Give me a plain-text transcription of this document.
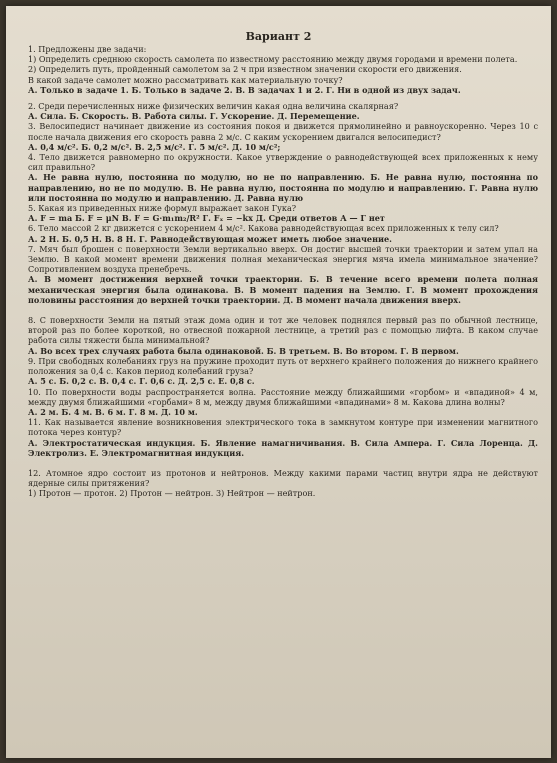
Вариант 2

1. Предложены две задачи:

1) Определить среднюю скорость самолета по известному расстоянию между двумя городами и времени полета.

2) Определить путь, пройденный самолетом за 2 ч при известном значении скорости его движения.

В какой задаче самолет можно рассматривать как материальную точку?

А. Только в задаче 1. Б. Только в задаче 2. В. В задачах 1 и 2. Г. Ни в одной из двух задач.

2. Среди перечисленных ниже физических величин какая одна величина скалярная?

А. Сила. Б. Скорость. В. Работа силы. Г. Ускорение. Д. Перемещение.

3. Велосипедист начинает движение из состояния покоя и движется прямолинейно и равноускоренно. Через 10 с после начала движения его скорость равна 2 м/с. С каким ускорением двигался велосипедист?

А. 0,4 м/с². Б. 0,2 м/с². В. 2,5 м/с². Г. 5 м/с². Д. 10 м/с²;

4. Тело движется равномерно по окружности. Какое утверждение о равнодействующей всех приложенных к нему сил правильно?

А. Не равна нулю, постоянна по модулю, но не по направлению. Б. Не равна нулю, постоянна по направлению, но не по модулю. В. Не равна нулю, постоянна по модулю и направлению. Г. Равна нулю или постоянна по модулю и направлению. Д. Равна нулю

5. Какая из приведенных ниже формул выражает закон Гука?

А. F = ma Б. F = μN В. F = G·m₁m₂/R² Г. Fₓ = −kx Д. Среди ответов А — Г нет

6. Тело массой 2 кг движется с ускорением 4 м/с². Какова равнодействующая всех приложенных к телу сил?

А. 2 Н. Б. 0,5 Н. В. 8 Н. Г. Равнодействующая может иметь любое значение.

7. Мяч был брошен с поверхности Земли вертикально вверх. Он достиг высшей точки траектории и затем упал на Землю. В какой момент времени движения полная механическая энергия мяча имела минимальное значение? Сопротивлением воздуха пренебречь.

А. В момент достижения верхней точки траектории. Б. В течение всего времени полета полная механическая энергия была одинакова. В. В момент падения на Землю. Г. В момент прохождения половины расстояния до верхней точки траектории. Д. В момент начала движения вверх.

8. С поверхности Земли на пятый этаж дома один и тот же человек поднялся первый раз по обычной лестнице, второй раз по более короткой, но отвесной пожарной лестнице, а третий раз с помощью лифта. В каком случае работа силы тяжести была минимальной?

А. Во всех трех случаях работа была одинаковой. Б. В третьем. В. Во втором. Г. В первом.

9. При свободных колебаниях груз на пружине проходит путь от верхнего крайнего положения до нижнего крайнего положения за 0,4 с. Каков период колебаний груза?

А. 5 с. Б. 0,2 с. В. 0,4 с. Г. 0,6 с. Д. 2,5 с. Е. 0,8 с.

10. По поверхности воды распространяется волна. Расстояние между ближайшими «горбом» и «впадиной» 4 м, между двумя ближайшими «горбами» 8 м, между двумя ближайшими «впадинами» 8 м. Какова длина волны?

А. 2 м. Б. 4 м. В. 6 м. Г. 8 м. Д. 10 м.

11. Как называется явление возникновения электрического тока в замкнутом контуре при изменении магнитного потока через контур?

А. Электростатическая индукция. Б. Явление намагничивания. В. Сила Ампера. Г. Сила Лоренца. Д. Электролиз. Е. Электромагнитная индукция.

12. Атомное ядро состоит из протонов и нейтронов. Между какими парами частиц внутри ядра не действуют ядерные силы притяжения?

1) Протон — протон. 2) Протон — нейтрон. 3) Нейтрон — нейтрон.
